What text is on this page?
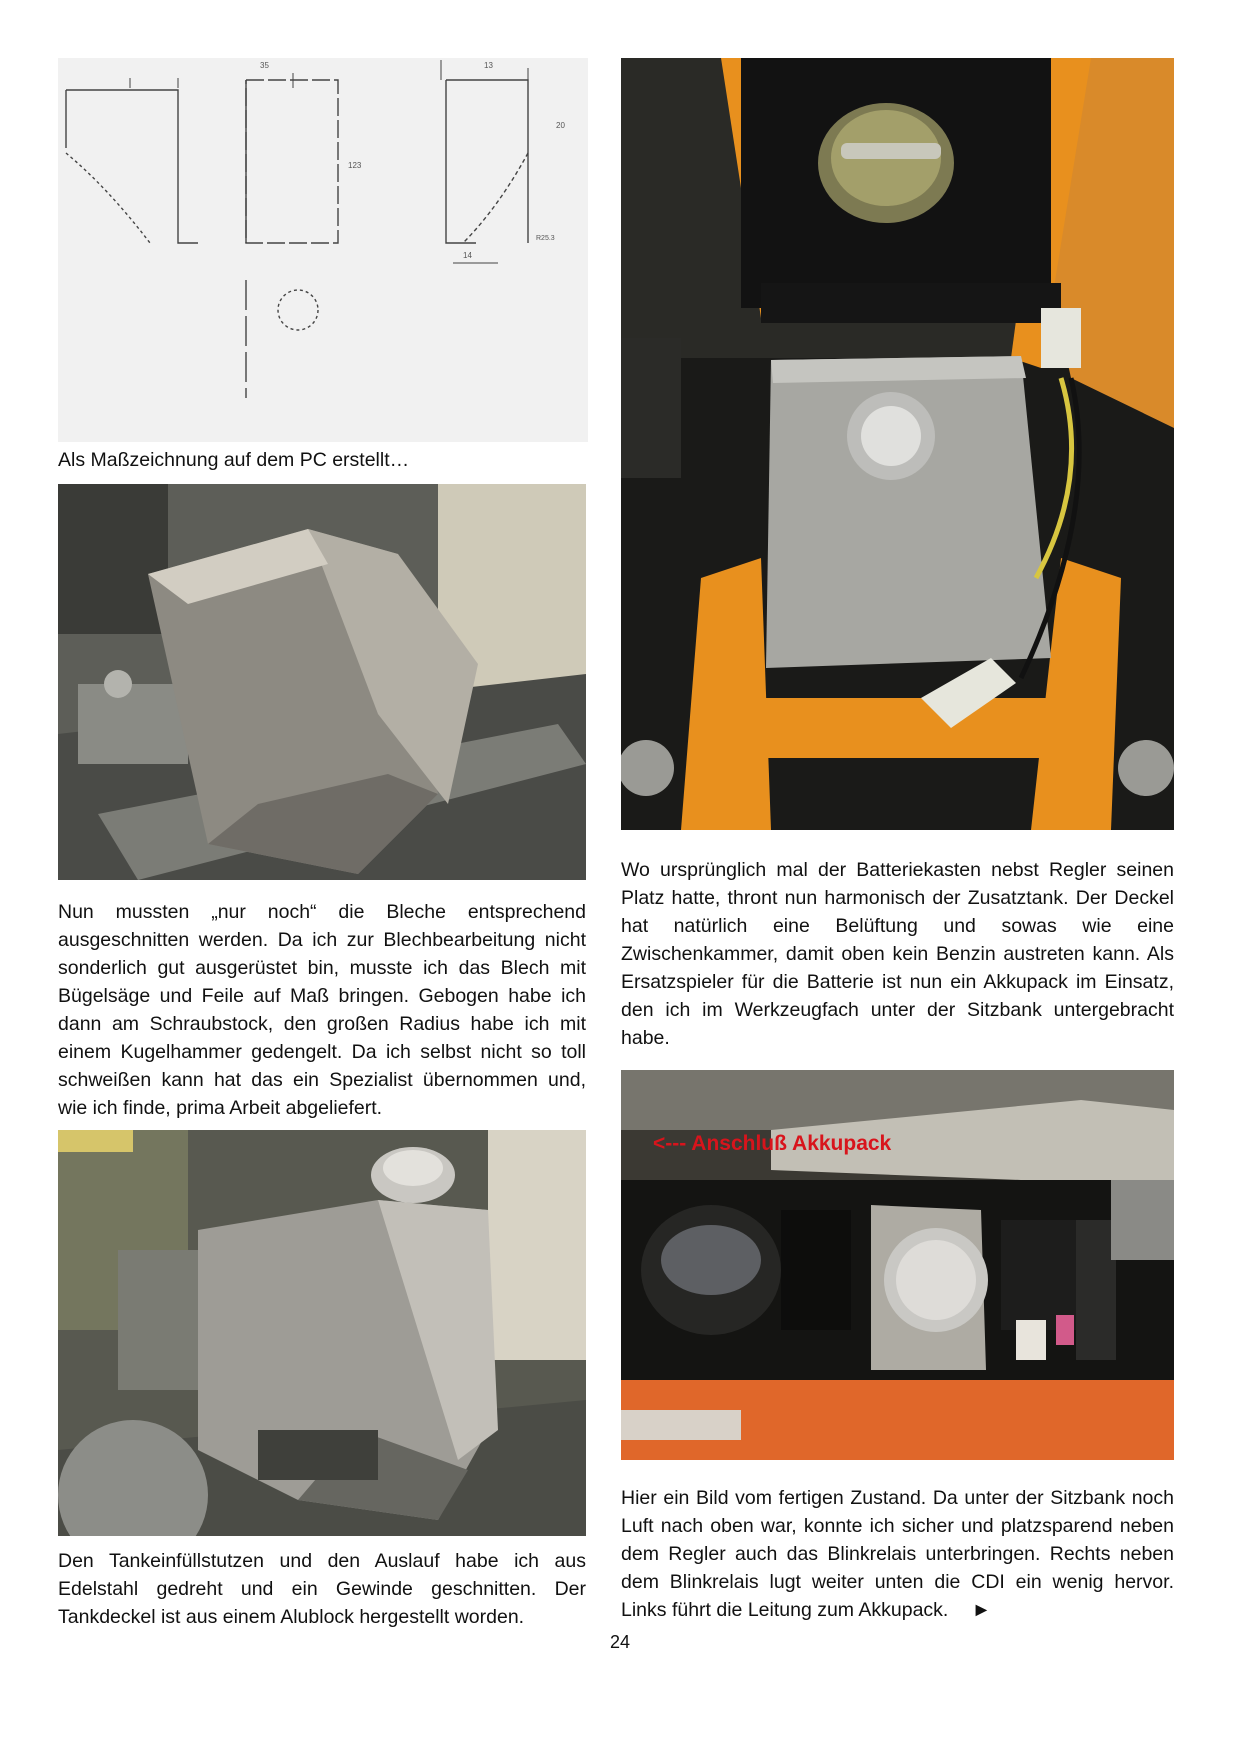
35	13
20
123
14
R25.3
Als Maßzeichnung auf dem PC erstellt…
Nun mussten „nur noch“ die Bleche entsprechend ausgeschnitten werden. Da ich zur Blechbearbeitung nicht sonderlich gut ausgerüstet bin, musste ich das Blech mit Bügelsäge und Feile auf Maß bringen. Gebogen habe ich dann am Schraubstock, den großen Radius habe ich mit einem Kugelhammer gedengelt. Da ich selbst nicht so toll schweißen kann hat das ein Spezialist übernommen und, wie ich finde, prima Arbeit abgeliefert.
Den Tankeinfüllstutzen und den Auslauf habe ich aus Edelstahl gedreht und ein Gewinde geschnitten. Der Tankdeckel ist aus einem Alublock hergestellt worden.
Wo ursprünglich mal der Batteriekasten nebst Regler seinen Platz hatte, thront nun harmonisch der Zusatztank. Der Deckel hat natürlich eine Belüftung und sowas wie eine Zwischenkammer, damit oben kein Benzin austreten kann. Als Ersatzspieler für die Batterie ist nun ein Akkupack im Einsatz, den ich im Werkzeugfach unter der Sitzbank untergebracht habe.
<--- Anschluß Akkupack
Hier ein Bild vom fertigen Zustand. Da unter der Sitzbank noch Luft nach oben war, konnte ich sicher und platzsparend neben dem Regler auch das Blinkrelais unterbringen. Rechts neben dem Blinkrelais lugt weiter unten die CDI ein wenig hervor. Links führt die Leitung zum Akkupack. ►
24
